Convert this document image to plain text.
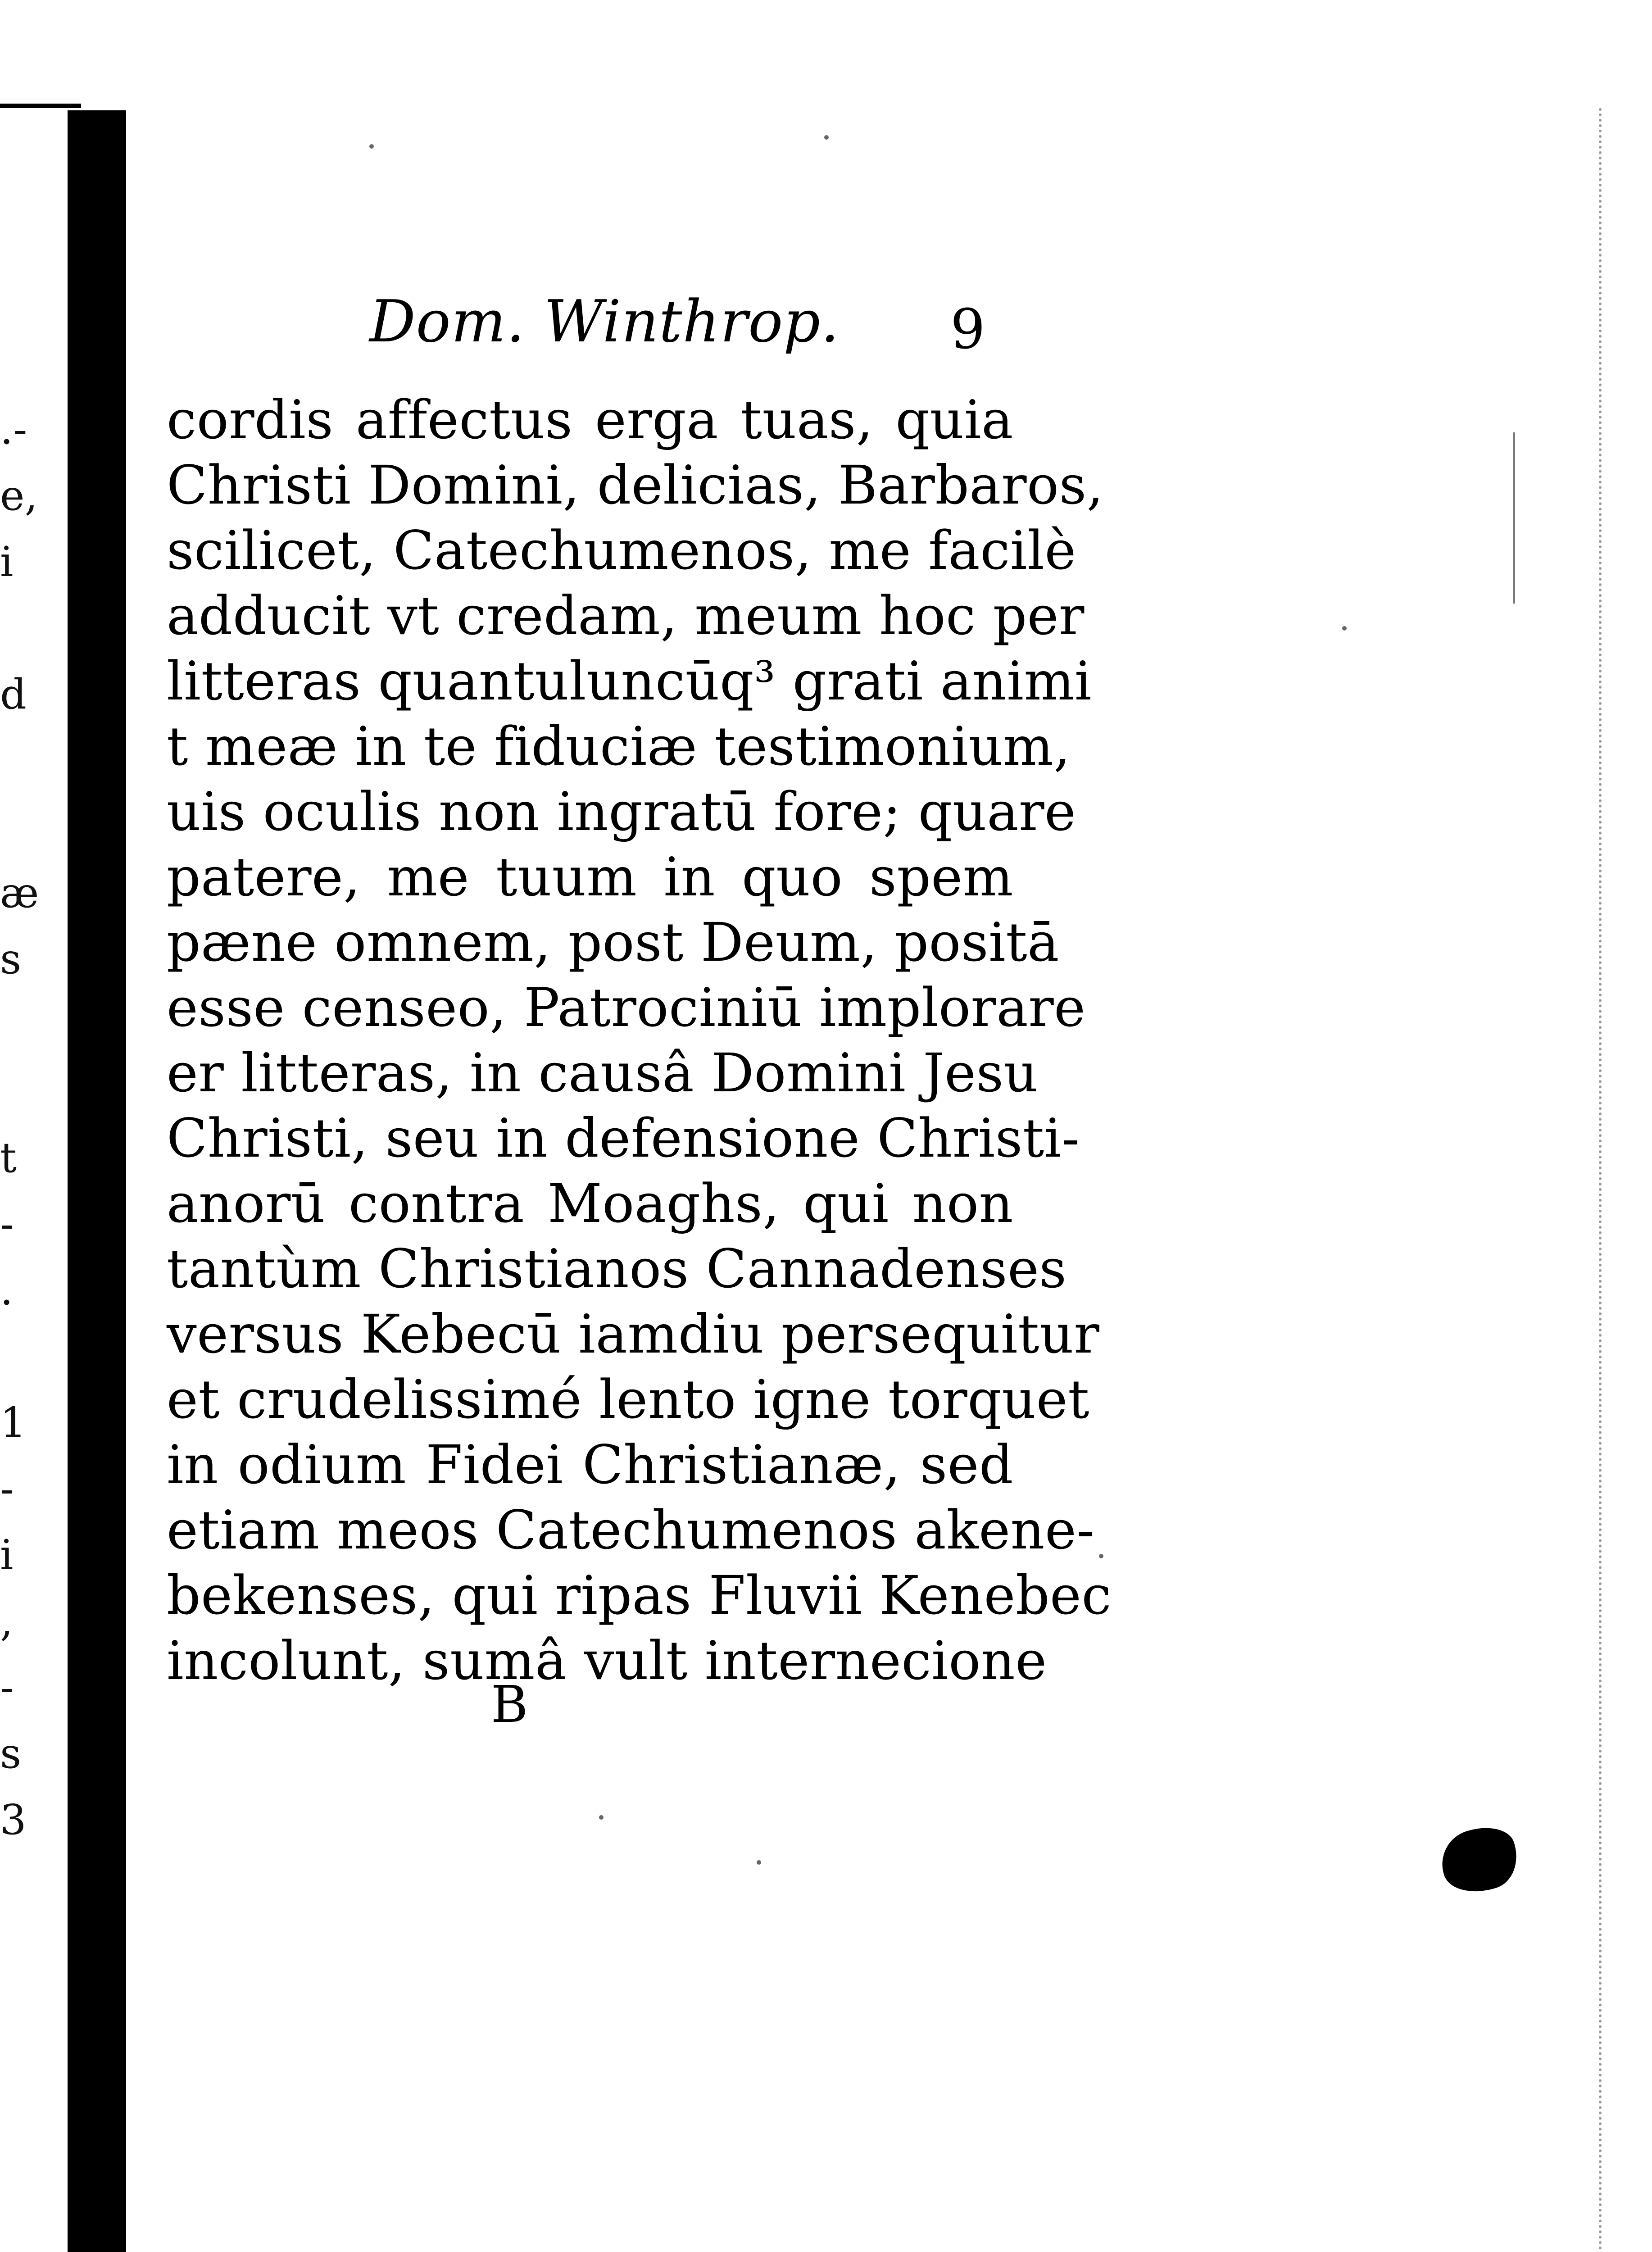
.-
e,
i
d
æ
s
t
-
.
1
-
i
,
-
s
3
Dom. Winthrop. 9
cordis affectus erga tuas, quia
Christi Domini, delicias, Barbaros,
scilicet, Catechumenos, me facilè
adducit vt credam, meum hoc per
litteras quantuluncūq³ grati animi
t meæ in te fiduciæ testimonium,
uis oculis non ingratū fore; quare
patere, me tuum in quo spem
pæne omnem, post Deum, positā
esse censeo, Patrociniū implorare
er litteras, in causâ Domini Jesu
Christi, seu in defensione Christi-
anorū contra Moaghs, qui non
tantùm Christianos Cannadenses
versus Kebecū iamdiu persequitur
et crudelissimé lento igne torquet
in odium Fidei Christianæ, sed
etiam meos Catechumenos akene-
bekenses, qui ripas Fluvii Kenebec
incolunt, sumâ vult internecione
B
